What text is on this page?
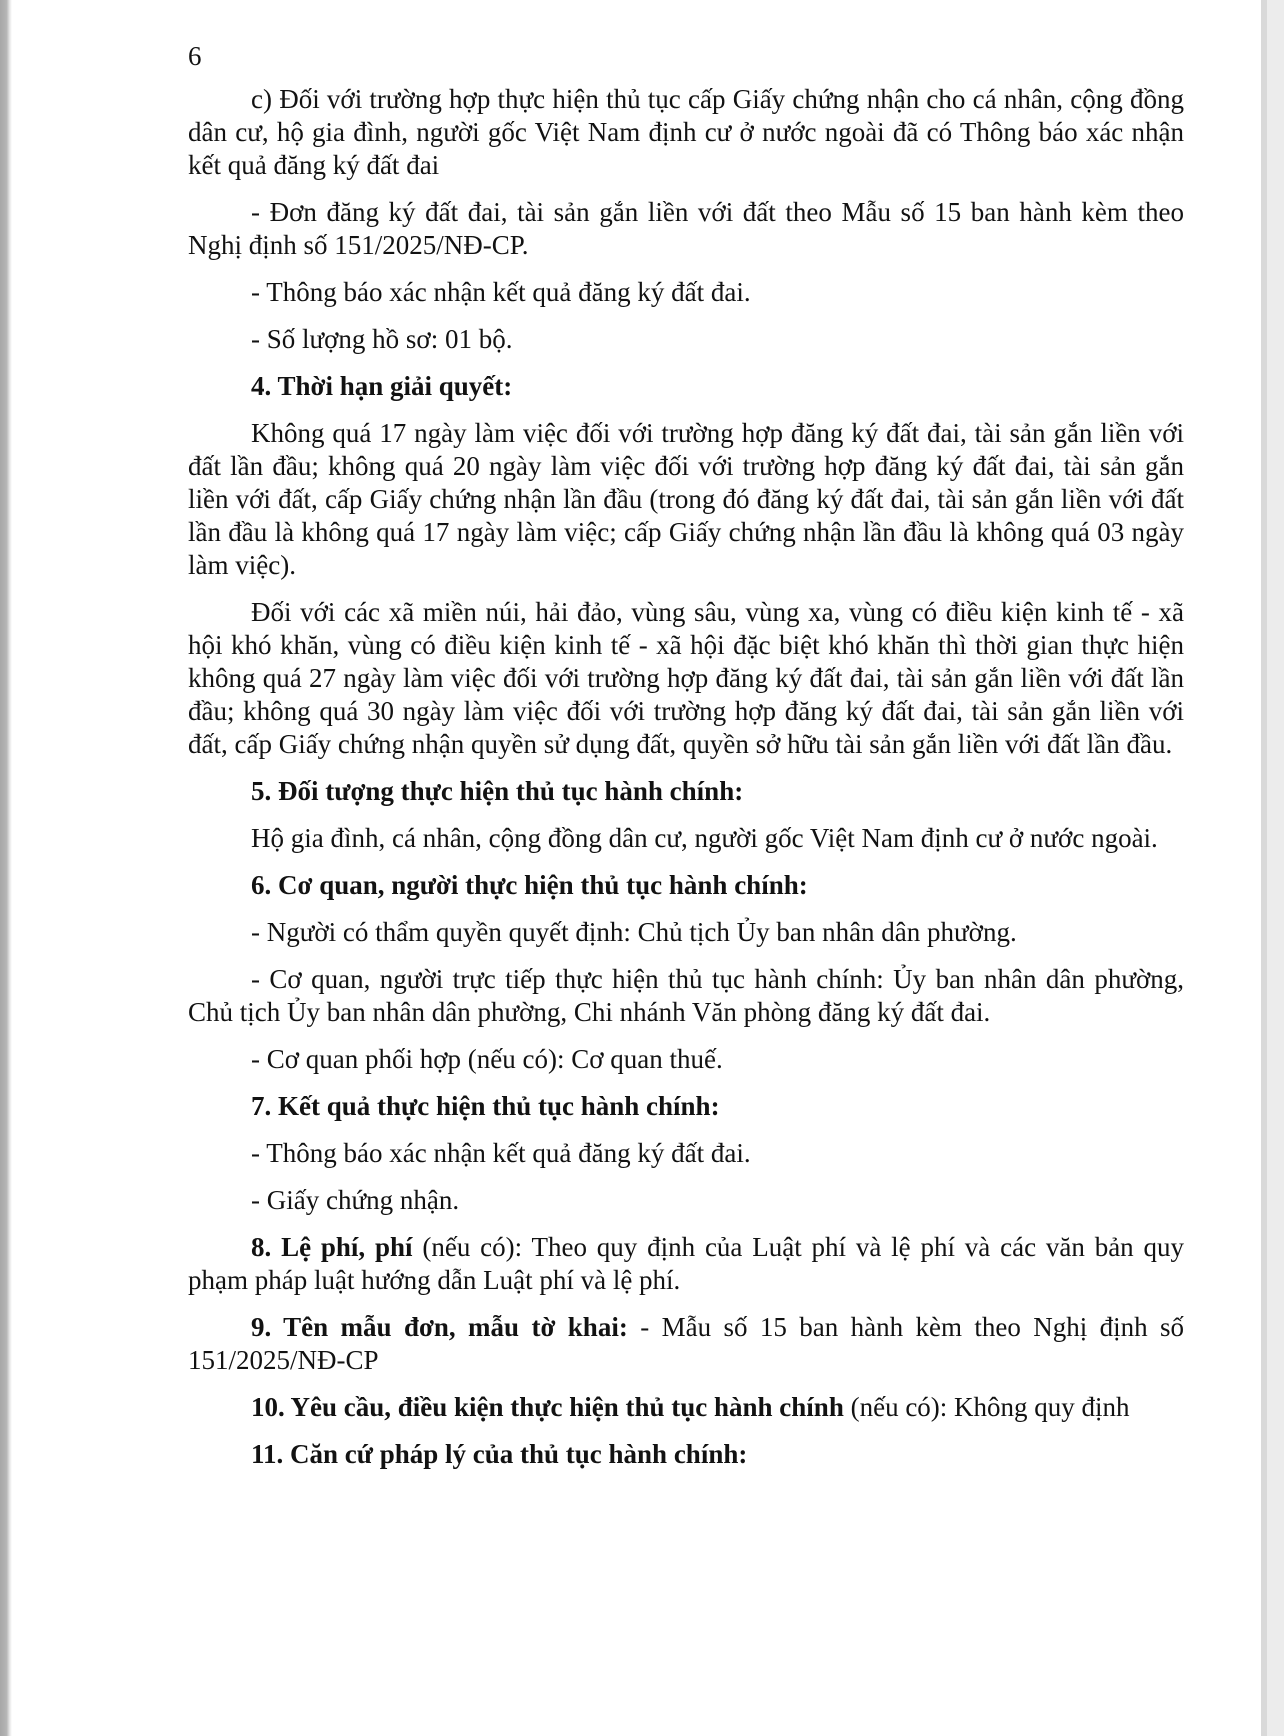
6

c) Đối với trường hợp thực hiện thủ tục cấp Giấy chứng nhận cho cá nhân, cộng đồng dân cư, hộ gia đình, người gốc Việt Nam định cư ở nước ngoài đã có Thông báo xác nhận kết quả đăng ký đất đai

- Đơn đăng ký đất đai, tài sản gắn liền với đất theo Mẫu số 15 ban hành kèm theo Nghị định số 151/2025/NĐ-CP.

- Thông báo xác nhận kết quả đăng ký đất đai.

- Số lượng hồ sơ: 01 bộ.

4. Thời hạn giải quyết:

Không quá 17 ngày làm việc đối với trường hợp đăng ký đất đai, tài sản gắn liền với đất lần đầu; không quá 20 ngày làm việc đối với trường hợp đăng ký đất đai, tài sản gắn liền với đất, cấp Giấy chứng nhận lần đầu (trong đó đăng ký đất đai, tài sản gắn liền với đất lần đầu là không quá 17 ngày làm việc; cấp Giấy chứng nhận lần đầu là không quá 03 ngày làm việc).

Đối với các xã miền núi, hải đảo, vùng sâu, vùng xa, vùng có điều kiện kinh tế - xã hội khó khăn, vùng có điều kiện kinh tế - xã hội đặc biệt khó khăn thì thời gian thực hiện không quá 27 ngày làm việc đối với trường hợp đăng ký đất đai, tài sản gắn liền với đất lần đầu; không quá 30 ngày làm việc đối với trường hợp đăng ký đất đai, tài sản gắn liền với đất, cấp Giấy chứng nhận quyền sử dụng đất, quyền sở hữu tài sản gắn liền với đất lần đầu.

5. Đối tượng thực hiện thủ tục hành chính:

Hộ gia đình, cá nhân, cộng đồng dân cư, người gốc Việt Nam định cư ở nước ngoài.

6. Cơ quan, người thực hiện thủ tục hành chính:

- Người có thẩm quyền quyết định: Chủ tịch Ủy ban nhân dân phường.

- Cơ quan, người trực tiếp thực hiện thủ tục hành chính: Ủy ban nhân dân phường, Chủ tịch Ủy ban nhân dân phường, Chi nhánh Văn phòng đăng ký đất đai.

- Cơ quan phối hợp (nếu có): Cơ quan thuế.

7. Kết quả thực hiện thủ tục hành chính:

- Thông báo xác nhận kết quả đăng ký đất đai.

- Giấy chứng nhận.

8. Lệ phí, phí (nếu có): Theo quy định của Luật phí và lệ phí và các văn bản quy phạm pháp luật hướng dẫn Luật phí và lệ phí.

9. Tên mẫu đơn, mẫu tờ khai: - Mẫu số 15 ban hành kèm theo Nghị định số 151/2025/NĐ-CP

10. Yêu cầu, điều kiện thực hiện thủ tục hành chính (nếu có): Không quy định

11. Căn cứ pháp lý của thủ tục hành chính:
